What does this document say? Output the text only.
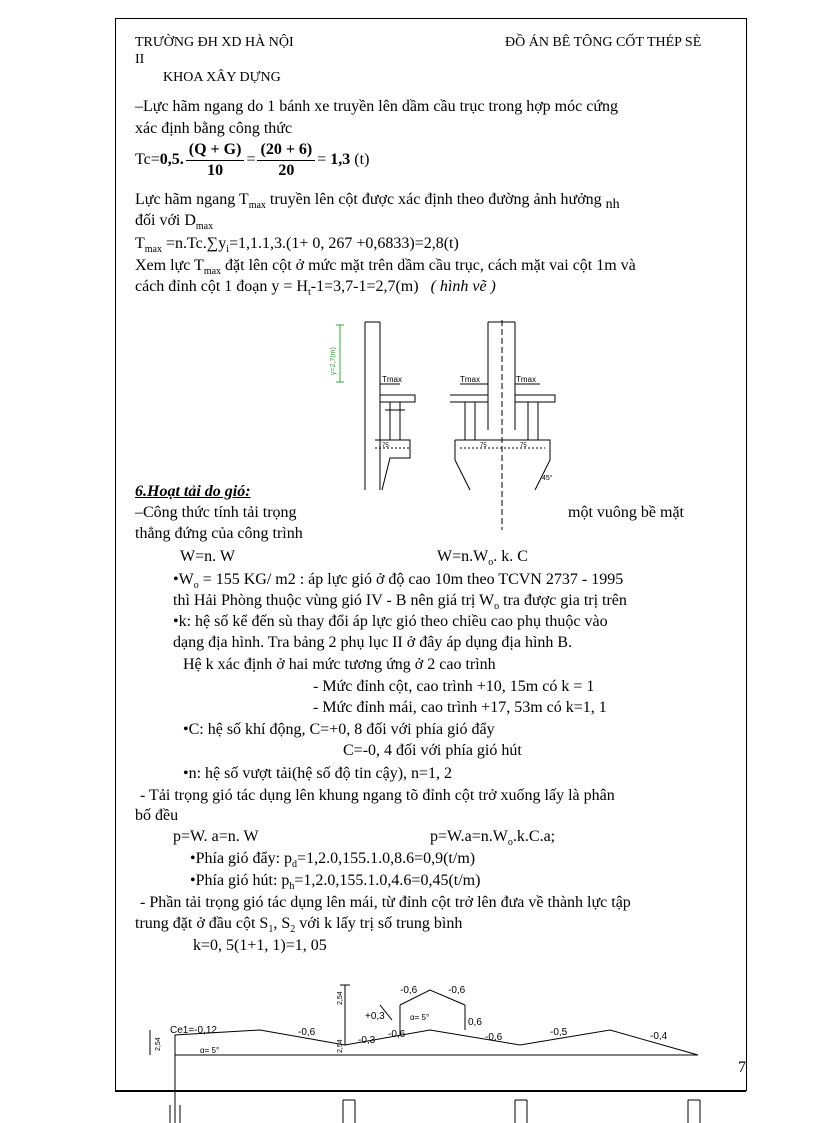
TRƯỜNG ĐH XD HÀ NỘI	ĐỒ ÁN BÊ TÔNG CỐT THÉP SÈ
II
KHOA XÂY DỰNG
–Lực hãm ngang do 1 bánh xe truyền lên dầm cầu trục trong hợp móc cứng
xác định bằng công thức
Tc=0,5. $\frac{(Q + G)}{10} = \frac{(20 + 6)}{20} = 1,3$ (t)
Lực hãm ngang $T_{max}$ truyền lên cột được xác định theo đường ảnh hưởng $_{nh}$
đối với $D_{max}$
$T_{max} =n.Tc.\sum y_i=1,1.1,3.(1+ 0$, 267 +0,6833)=2,8(t)
Xem lực $T_{max}$ đặt lên cột ở mức mặt trên dầm cầu trục, cách mặt vai cột 1m và
cách đỉnh cột 1 đoạn $y = H_t-1=3,7-1=2,7(m)$ ( hình vẽ )
y=2,7(m)
Tmax	Tmax	Tmax
75	75	75
45°
6.Hoạt tải do gió:
–Công thức tính tải trọng	một vuông bề mặt
thẳng đứng của công trình
W=n. W	$W=n.W_o$. k. C
$•W_o = 155$ KG/ m2 : áp lực gió ở độ cao 10m theo TCVN 2737 - 1995
thì Hải Phòng thuộc vùng gió IV - B nên giá trị $W_o$ tra được gia trị trên
•k: hệ số kể đến sù thay đổi áp lực gió theo chiều cao phụ thuộc vào
dạng địa hình. Tra bảng 2 phụ lục II ở đây áp dụng địa hình B.
Hệ k xác định ở hai mức tương ứng ở 2 cao trình
- Mức đỉnh cột, cao trình +10, 15m có k = 1
- Mức đỉnh mái, cao trình +17, 53m có k=1, 1
•C: hệ số khí động, C=+0, 8 đối với phía gió đẩy
C=-0, 4 đối với phía gió hút
•n: hệ số vượt tải(hệ số độ tin cậy), n=1, 2
- Tải trọng gió tác dụng lên khung ngang tõ đỉnh cột trở xuống lấy là phân
bố đều
p=W. a=n. W	$p=W.a=n.W_o.k.C.a$;
•Phía gió đẩy: $p_d=1,2.0,155.1.0,8.6=0,9(t/m)$
•Phía gió hút: $p_h=1,2.0,155.1.0,4.6=0,45(t/m)$
- Phần tải trọng gió tác dụng lên mái, từ đỉnh cột trở lên đưa về thành lực tập
trung đặt ở đầu cột $S_1$, $S_2$ với k lấy trị số trung bình
k=0, 5(1+1, 1)=1, 05
Ce1=-0,12
α= 5°
α= 5°
-0,6
+0,3
-0,3
-0,6	-0,6
0,6
-0,6
-0,6	-0,5	-0,4
2,54
2,54
2,54
7
